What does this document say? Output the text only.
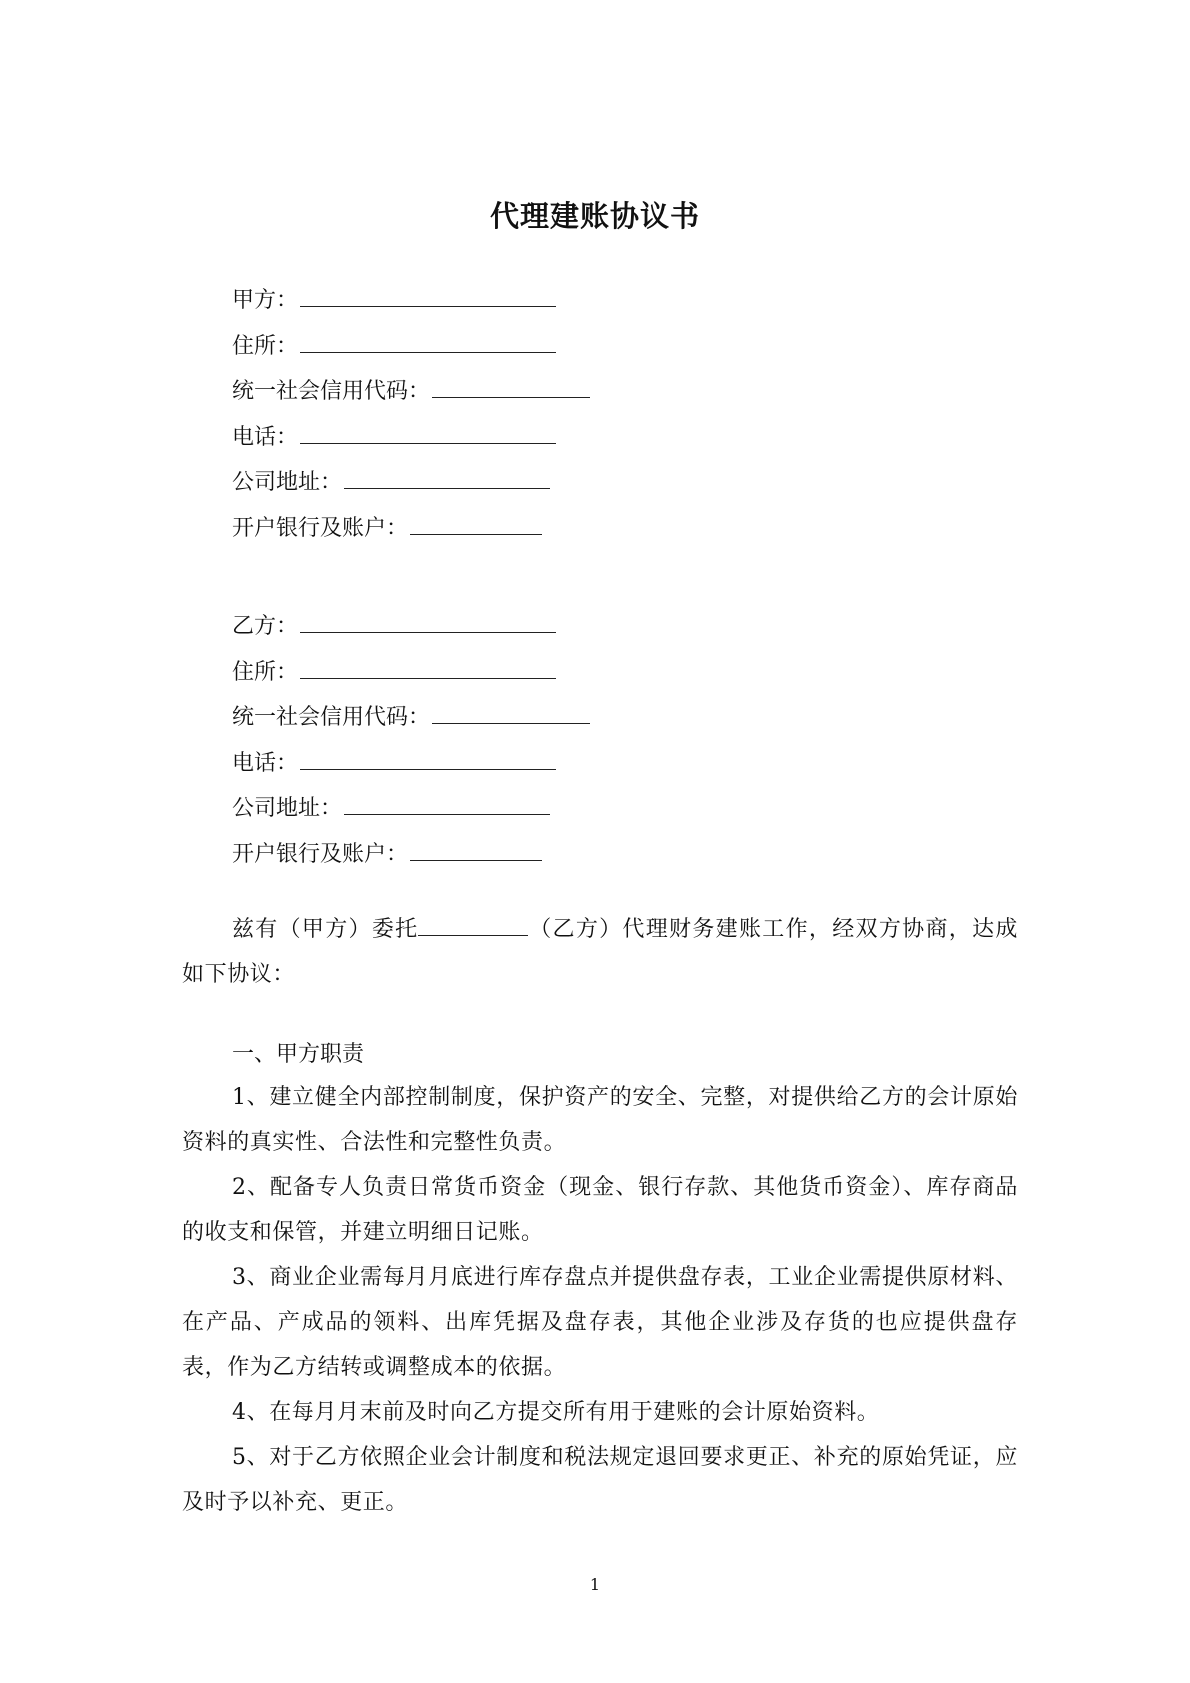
代理建账协议书
甲方：
住所：
统一社会信用代码：
电话：
公司地址：
开户银行及账户：
乙方：
住所：
统一社会信用代码：
电话：
公司地址：
开户银行及账户：
兹有（甲方）委托	（乙方）代理财务建账工作，经双方协商，达成如下协议：
一、甲方职责
1、建立健全内部控制制度，保护资产的安全、完整，对提供给乙方的会计原始资料的真实性、合法性和完整性负责。
2、配备专人负责日常货币资金（现金、银行存款、其他货币资金）、库存商品的收支和保管，并建立明细日记账。
3、商业企业需每月月底进行库存盘点并提供盘存表，工业企业需提供原材料、在产品、产成品的领料、出库凭据及盘存表，其他企业涉及存货的也应提供盘存表，作为乙方结转或调整成本的依据。
4、在每月月末前及时向乙方提交所有用于建账的会计原始资料。
5、对于乙方依照企业会计制度和税法规定退回要求更正、补充的原始凭证，应及时予以补充、更正。
1
